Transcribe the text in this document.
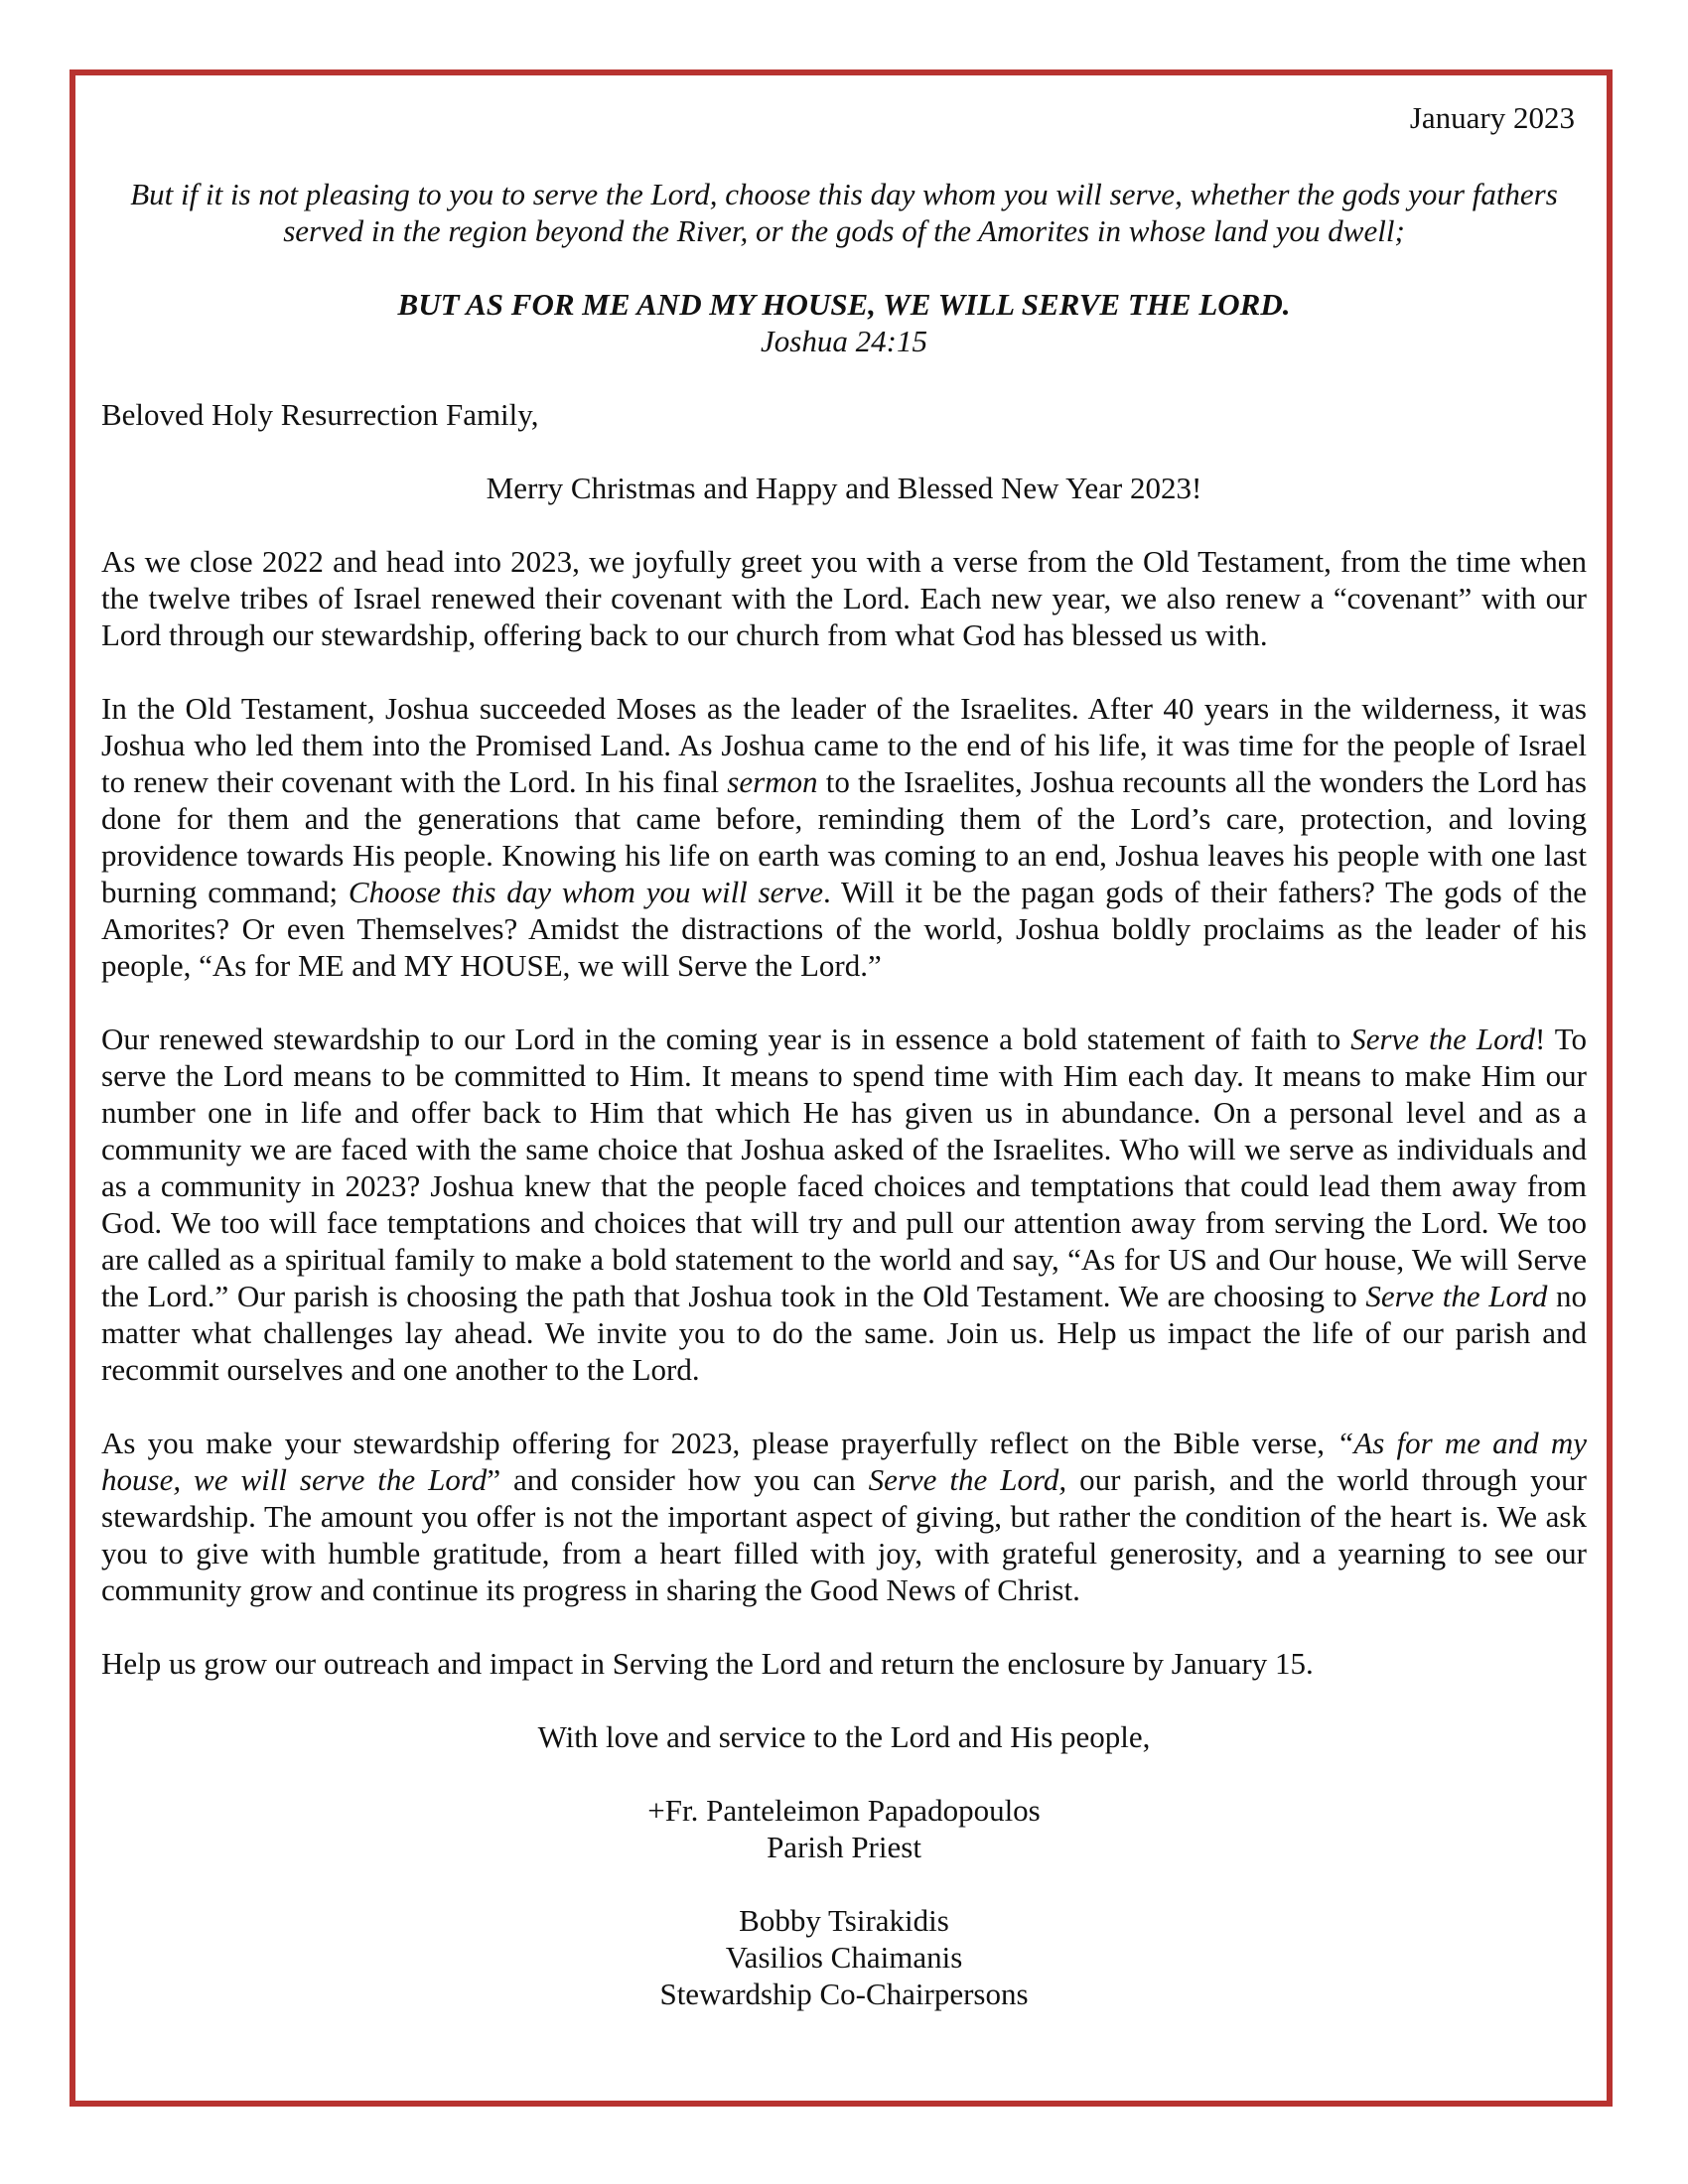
January 2023

But if it is not pleasing to you to serve the Lord, choose this day whom you will serve, whether the gods your fathers served in the region beyond the River, or the gods of the Amorites in whose land you dwell;

BUT AS FOR ME AND MY HOUSE, WE WILL SERVE THE LORD.

Joshua 24:15

Beloved Holy Resurrection Family,

Merry Christmas and Happy and Blessed New Year 2023!

As we close 2022 and head into 2023, we joyfully greet you with a verse from the Old Testament, from the time when the twelve tribes of Israel renewed their covenant with the Lord. Each new year, we also renew a “covenant” with our Lord through our stewardship, offering back to our church from what God has blessed us with.

In the Old Testament, Joshua succeeded Moses as the leader of the Israelites. After 40 years in the wilderness, it was Joshua who led them into the Promised Land. As Joshua came to the end of his life, it was time for the people of Israel to renew their covenant with the Lord. In his final sermon to the Israelites, Joshua recounts all the wonders the Lord has done for them and the generations that came before, reminding them of the Lord’s care, protection, and loving providence towards His people. Knowing his life on earth was coming to an end, Joshua leaves his people with one last burning command; Choose this day whom you will serve. Will it be the pagan gods of their fathers? The gods of the Amorites? Or even Themselves? Amidst the distractions of the world, Joshua boldly proclaims as the leader of his people, “As for ME and MY HOUSE, we will Serve the Lord.”

Our renewed stewardship to our Lord in the coming year is in essence a bold statement of faith to Serve the Lord! To serve the Lord means to be committed to Him. It means to spend time with Him each day. It means to make Him our number one in life and offer back to Him that which He has given us in abundance. On a personal level and as a community we are faced with the same choice that Joshua asked of the Israelites. Who will we serve as individuals and as a community in 2023? Joshua knew that the people faced choices and temptations that could lead them away from God. We too will face temptations and choices that will try and pull our attention away from serving the Lord. We too are called as a spiritual family to make a bold statement to the world and say, “As for US and Our house, We will Serve the Lord.” Our parish is choosing the path that Joshua took in the Old Testament. We are choosing to Serve the Lord no matter what challenges lay ahead. We invite you to do the same. Join us. Help us impact the life of our parish and recommit ourselves and one another to the Lord.

As you make your stewardship offering for 2023, please prayerfully reflect on the Bible verse, “As for me and my house, we will serve the Lord” and consider how you can Serve the Lord, our parish, and the world through your stewardship. The amount you offer is not the important aspect of giving, but rather the condition of the heart is. We ask you to give with humble gratitude, from a heart filled with joy, with grateful generosity, and a yearning to see our community grow and continue its progress in sharing the Good News of Christ.

Help us grow our outreach and impact in Serving the Lord and return the enclosure by January 15.

With love and service to the Lord and His people,

+Fr. Panteleimon Papadopoulos
Parish Priest
Bobby Tsirakidis
Vasilios Chaimanis
Stewardship Co-Chairpersons
